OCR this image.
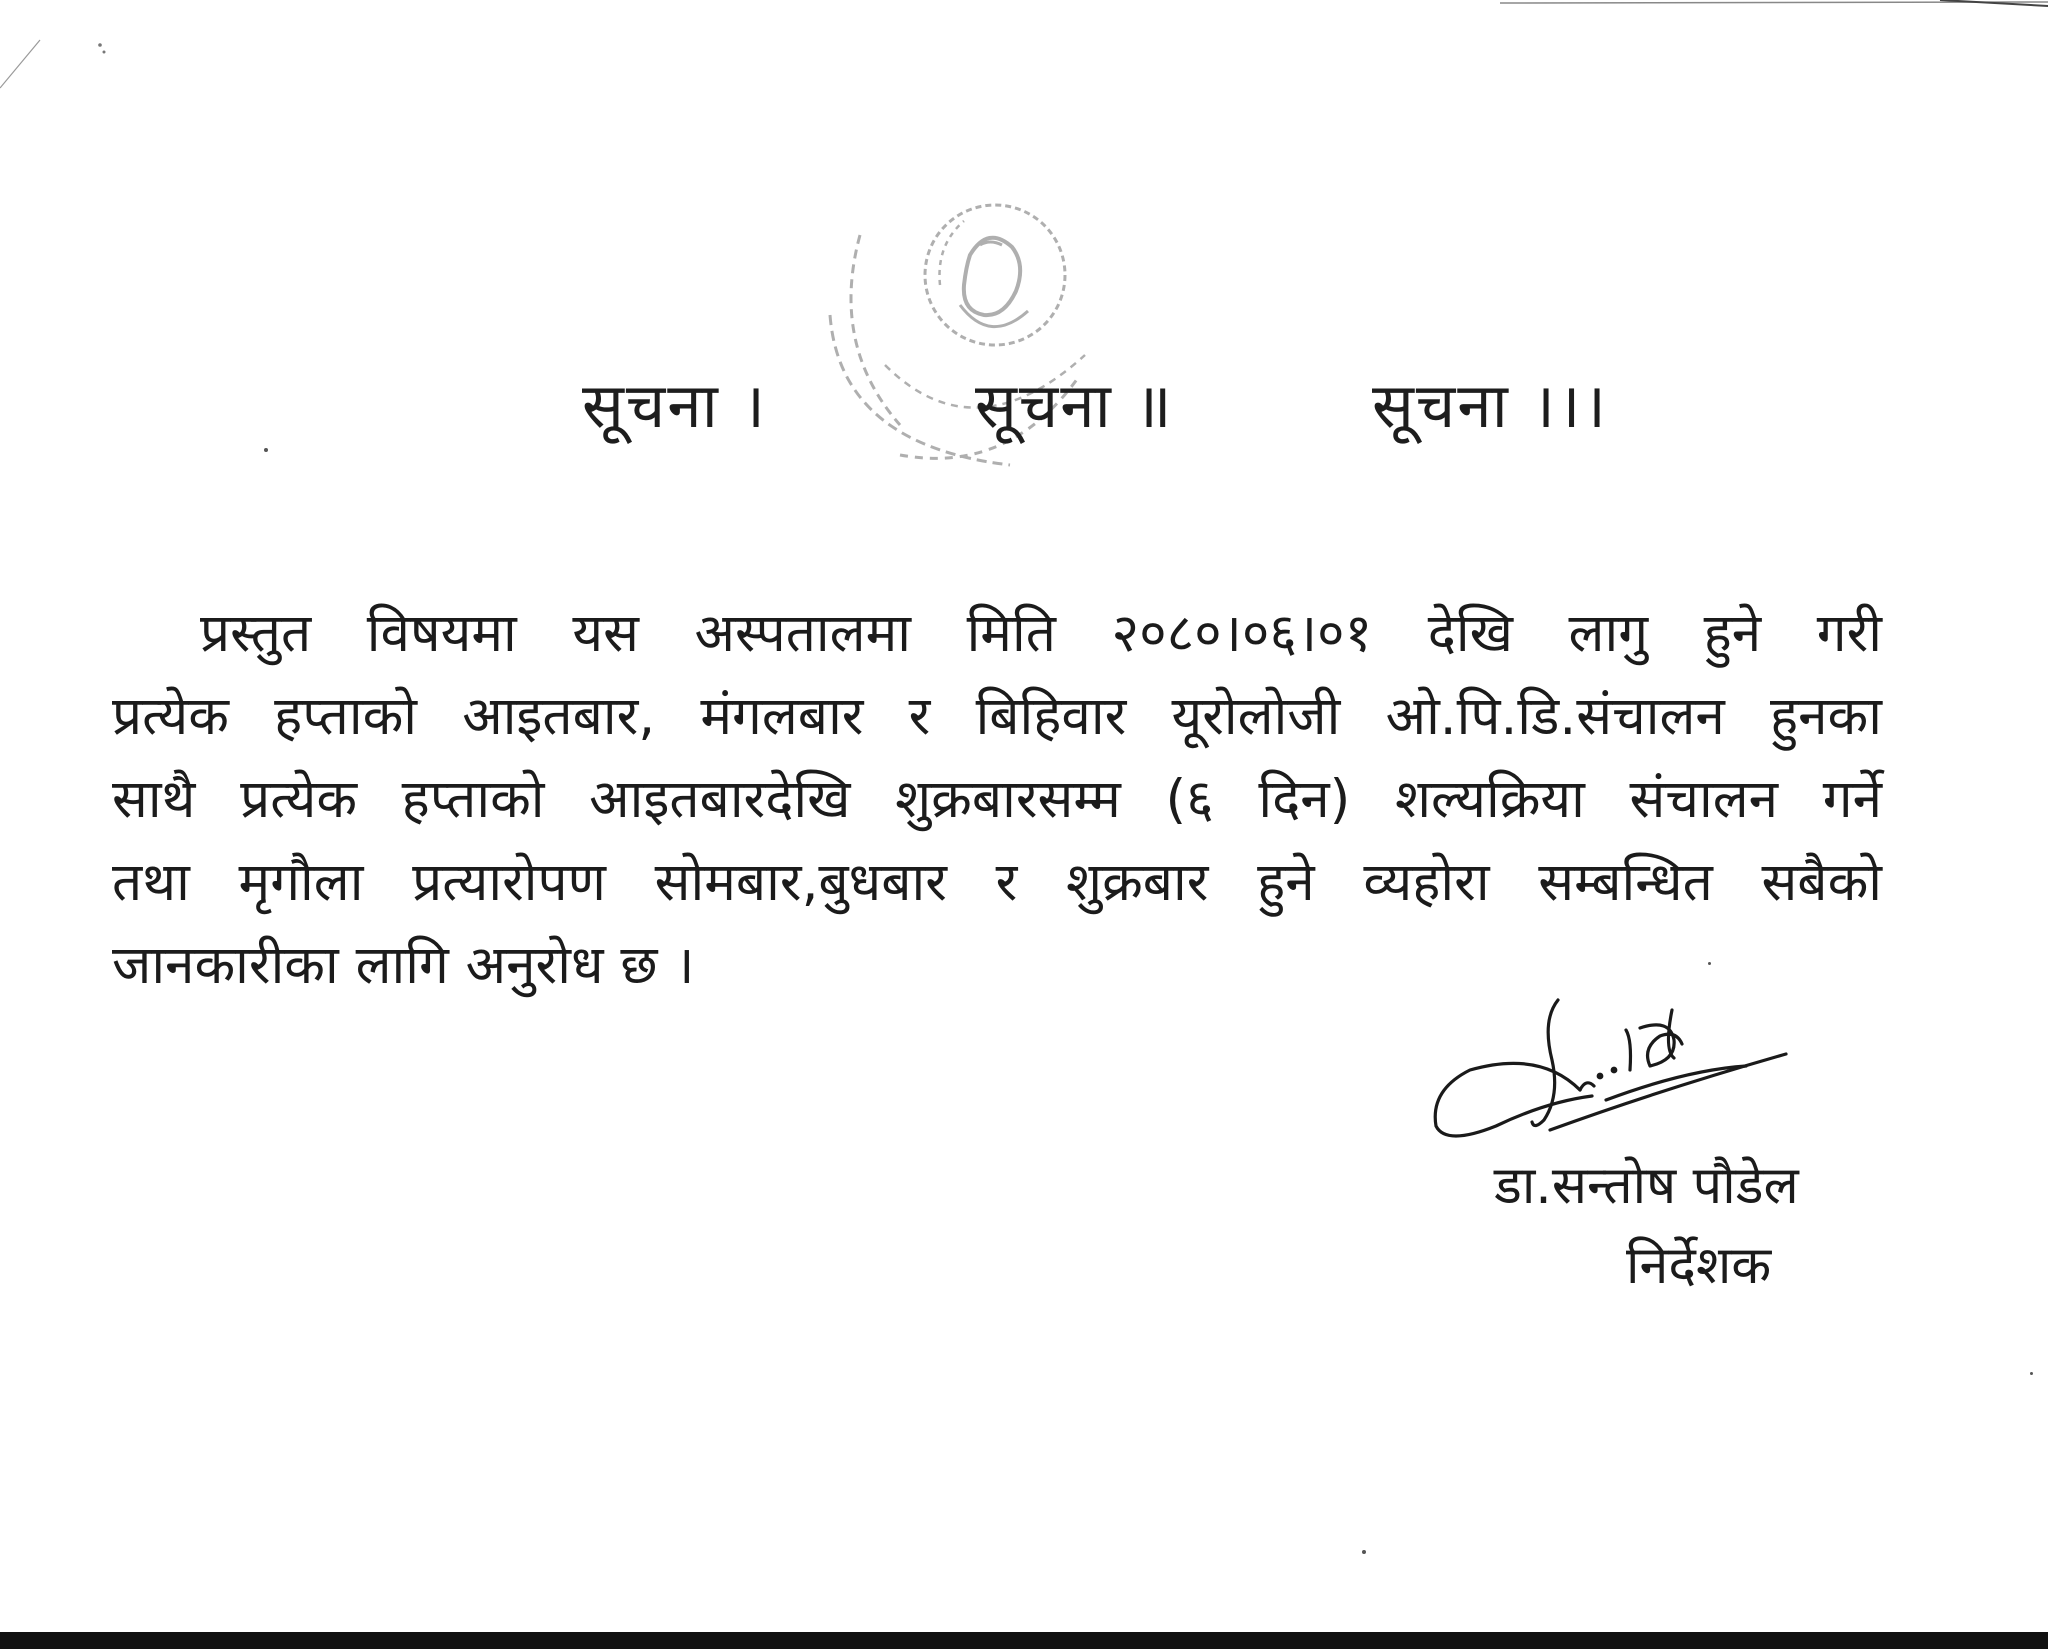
सूचना ।	सूचना ॥	सूचना ।।।
प्रस्तुत विषयमा यस अस्पतालमा मिति २०८०।०६।०१ देखि लागु हुने गरी
प्रत्येक हप्ताको आइतबार, मंगलबार र बिहिवार यूरोलोजी ओ.पि.डि.संचालन हुनका
साथै प्रत्येक हप्ताको आइतबारदेखि शुक्रबारसम्म (६ दिन) शल्यक्रिया संचालन गर्ने
तथा मृगौला प्रत्यारोपण सोमबार,बुधबार र शुक्रबार हुने व्यहोरा सम्बन्धित सबैको
जानकारीका लागि अनुरोध छ ।
डा.सन्तोष पौडेल
निर्देशक
